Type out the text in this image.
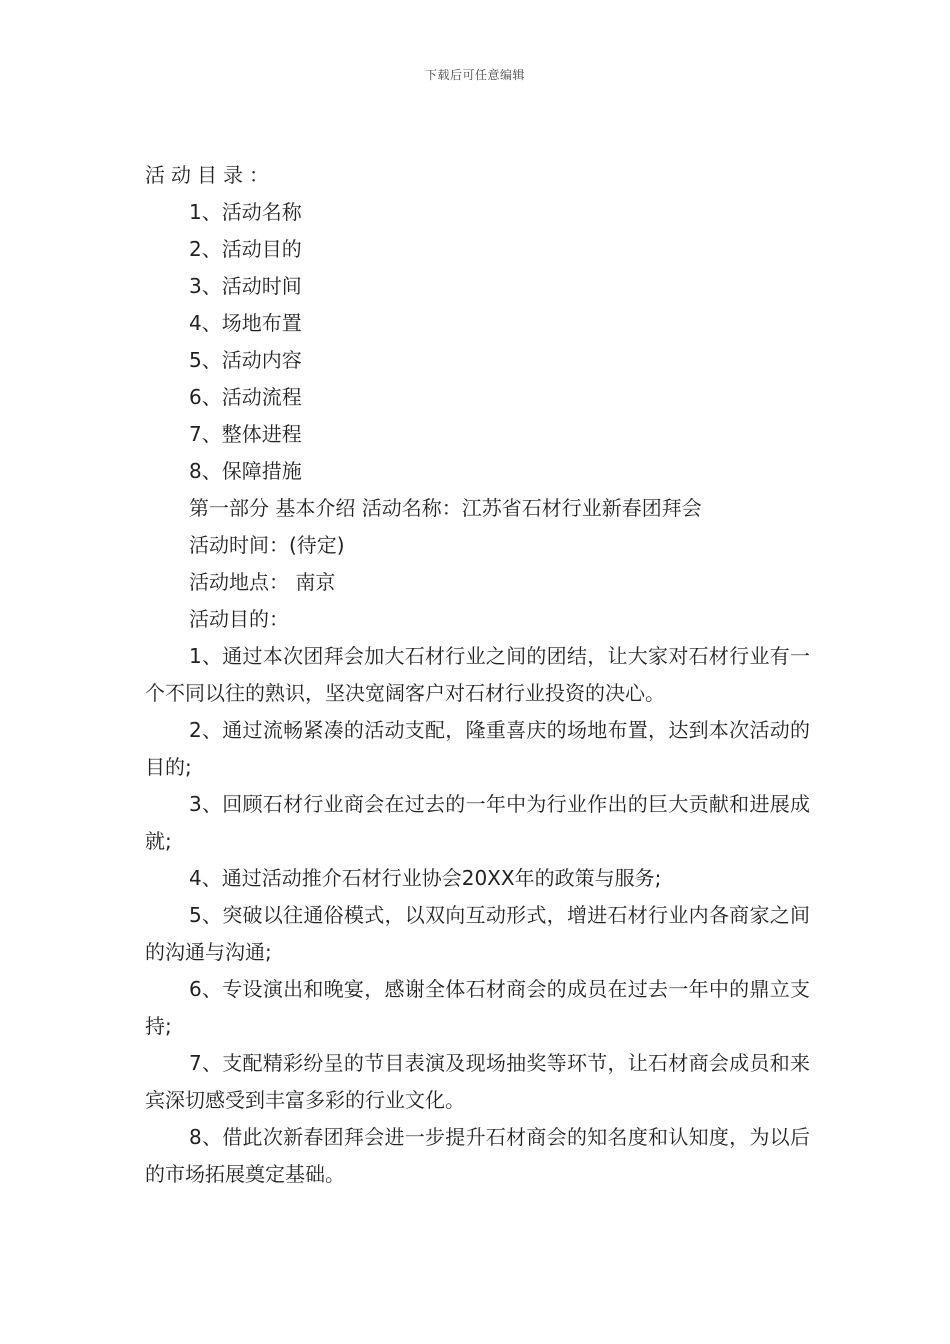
下载后可任意编辑
活动目录：
1、活动名称
2、活动目的
3、活动时间
4、场地布置
5、活动内容
6、活动流程
7、整体进程
8、保障措施
第一部分 基本介绍 活动名称：江苏省石材行业新春团拜会
活动时间：(待定)
活动地点： 南京
活动目的：

1、通过本次团拜会加大石材行业之间的团结，让大家对石材行业有一个不同以往的熟识，坚决宽阔客户对石材行业投资的决心。

2、通过流畅紧凑的活动支配，隆重喜庆的场地布置，达到本次活动的目的;

3、回顾石材行业商会在过去的一年中为行业作出的巨大贡献和进展成就;

4、通过活动推介石材行业协会20XX年的政策与服务;

5、突破以往通俗模式，以双向互动形式，增进石材行业内各商家之间的沟通与沟通;

6、专设演出和晚宴，感谢全体石材商会的成员在过去一年中的鼎立支持;

7、支配精彩纷呈的节目表演及现场抽奖等环节，让石材商会成员和来宾深切感受到丰富多彩的行业文化。

8、借此次新春团拜会进一步提升石材商会的知名度和认知度，为以后的市场拓展奠定基础。
